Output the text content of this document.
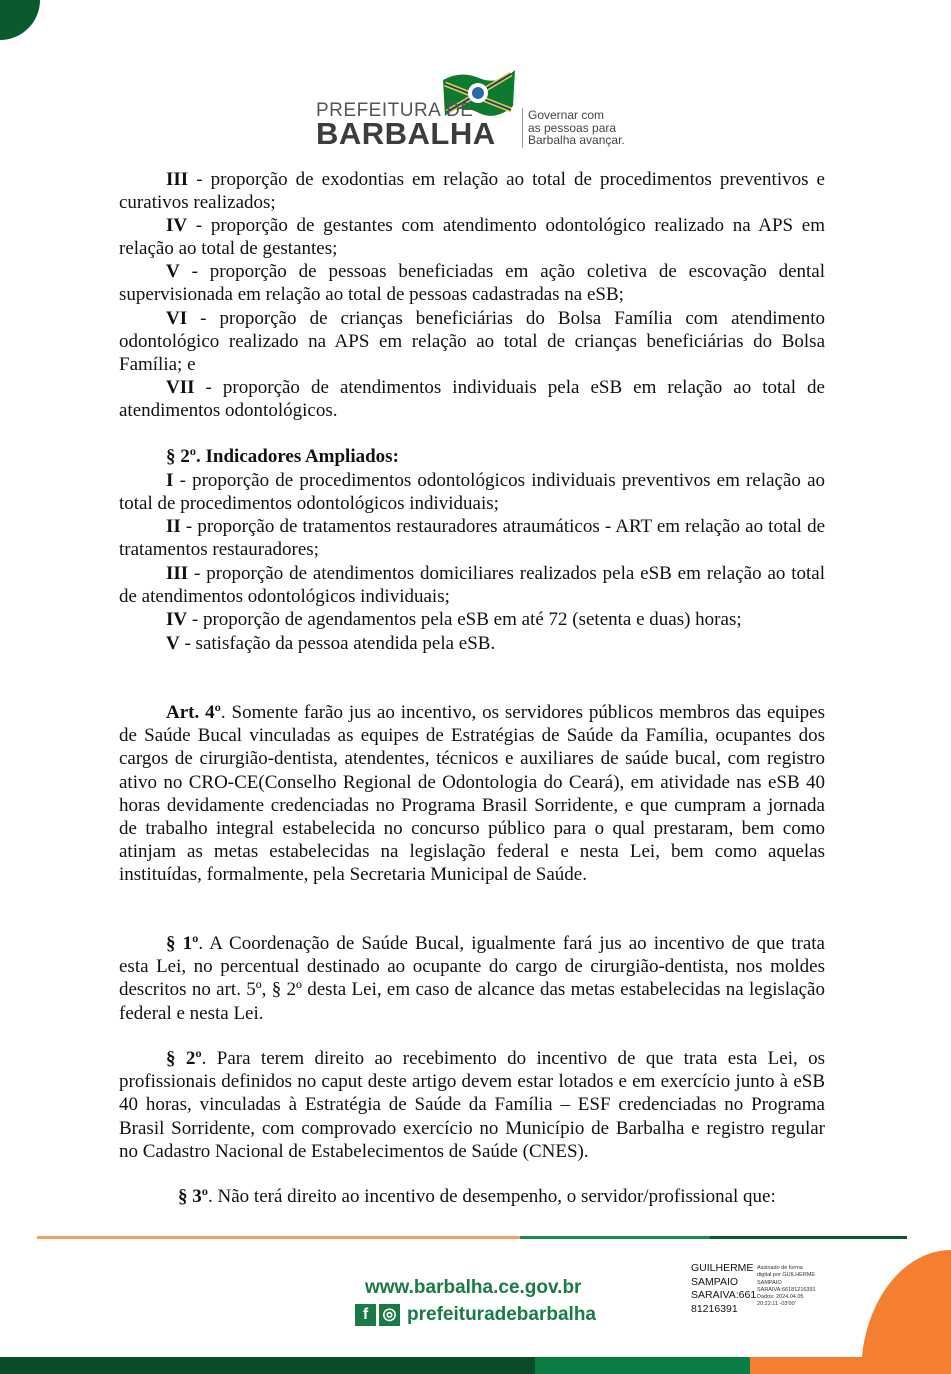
PREFEITURA DE
BARBALHA
Governar com
as pessoas para
Barbalha avançar.
III - proporção de exodontias em relação ao total de procedimentos preventivos e curativos realizados;
IV - proporção de gestantes com atendimento odontológico realizado na APS em relação ao total de gestantes;
V - proporção de pessoas beneficiadas em ação coletiva de escovação dental supervisionada em relação ao total de pessoas cadastradas na eSB;
VI - proporção de crianças beneficiárias do Bolsa Família com atendimento odontológico realizado na APS em relação ao total de crianças beneficiárias do Bolsa Família; e
VII - proporção de atendimentos individuais pela eSB em relação ao total de atendimentos odontológicos.
§ 2º. Indicadores Ampliados:
I - proporção de procedimentos odontológicos individuais preventivos em relação ao total de procedimentos odontológicos individuais;
II - proporção de tratamentos restauradores atraumáticos - ART em relação ao total de tratamentos restauradores;
III - proporção de atendimentos domiciliares realizados pela eSB em relação ao total de atendimentos odontológicos individuais;
IV - proporção de agendamentos pela eSB em até 72 (setenta e duas) horas;
V - satisfação da pessoa atendida pela eSB.
Art. 4º. Somente farão jus ao incentivo, os servidores públicos membros das equipes de Saúde Bucal vinculadas as equipes de Estratégias de Saúde da Família, ocupantes dos cargos de cirurgião-dentista, atendentes, técnicos e auxiliares de saúde bucal, com registro ativo no CRO-CE(Conselho Regional de Odontologia do Ceará), em atividade nas eSB 40 horas devidamente credenciadas no Programa Brasil Sorridente, e que cumpram a jornada de trabalho integral estabelecida no concurso público para o qual prestaram, bem como atinjam as metas estabelecidas na legislação federal e nesta Lei, bem como aquelas instituídas, formalmente, pela Secretaria Municipal de Saúde.
§ 1º. A Coordenação de Saúde Bucal, igualmente fará jus ao incentivo de que trata esta Lei, no percentual destinado ao ocupante do cargo de cirurgião-dentista, nos moldes descritos no art. 5º, § 2º desta Lei, em caso de alcance das metas estabelecidas na legislação federal e nesta Lei.
§ 2º. Para terem direito ao recebimento do incentivo de que trata esta Lei, os profissionais definidos no caput deste artigo devem estar lotados e em exercício junto à eSB 40 horas, vinculadas à Estratégia de Saúde da Família – ESF credenciadas no Programa Brasil Sorridente, com comprovado exercício no Município de Barbalha e registro regular no Cadastro Nacional de Estabelecimentos de Saúde (CNES).
§ 3º. Não terá direito ao incentivo de desempenho, o servidor/profissional que:
www.barbalha.ce.gov.br
f ◎ prefeituradebarbalha
GUILHERME
SAMPAIO
SARAIVA:661
81216391
Assinado de forma
digital por GUILHERME
SAMPAIO
SARAIVA:66181216391
Dados: 2024.04.05
20:22:11 -03'00'
